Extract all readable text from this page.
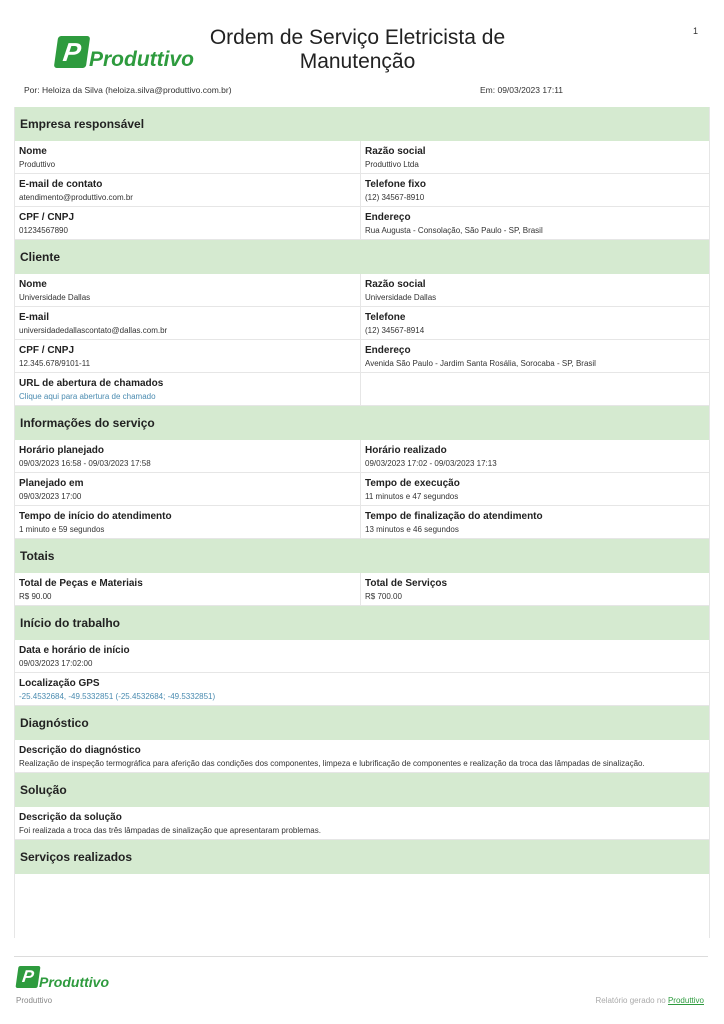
1
P Produttivo
Ordem de Serviço Eletricista de
Manutenção
Por: Heloiza da Silva (heloiza.silva@produttivo.com.br)	Em: 09/03/2023 17:11
Empresa responsável
Nome
Produttivo
Razão social
Produttivo Ltda
E-mail de contato
atendimento@produttivo.com.br
Telefone fixo
(12) 34567-8910
CPF / CNPJ
01234567890
Endereço
Rua Augusta - Consolação, São Paulo - SP, Brasil
Cliente
Nome
Universidade Dallas
Razão social
Universidade Dallas
E-mail
universidadedallascontato@dallas.com.br
Telefone
(12) 34567-8914
CPF / CNPJ
12.345.678/9101-11
Endereço
Avenida São Paulo - Jardim Santa Rosália, Sorocaba - SP, Brasil
URL de abertura de chamados
Clique aqui para abertura de chamado
Informações do serviço
Horário planejado
09/03/2023 16:58 - 09/03/2023 17:58
Horário realizado
09/03/2023 17:02 - 09/03/2023 17:13
Planejado em
09/03/2023 17:00
Tempo de execução
11 minutos e 47 segundos
Tempo de início do atendimento
1 minuto e 59 segundos
Tempo de finalização do atendimento
13 minutos e 46 segundos
Totais
Total de Peças e Materiais
R$ 90.00
Total de Serviços
R$ 700.00
Início do trabalho
Data e horário de início
09/03/2023 17:02:00
Localização GPS
-25.4532684, -49.5332851 (-25.4532684; -49.5332851)
Diagnóstico
Descrição do diagnóstico
Realização de inspeção termográfica para aferição das condições dos componentes, limpeza e lubrificação de componentes e realização da troca das lâmpadas de sinalização.
Solução
Descrição da solução
Foi realizada a troca das três lâmpadas de sinalização que apresentaram problemas.
Serviços realizados
P Produttivo
Produttivo	Relatório gerado no Produttivo
